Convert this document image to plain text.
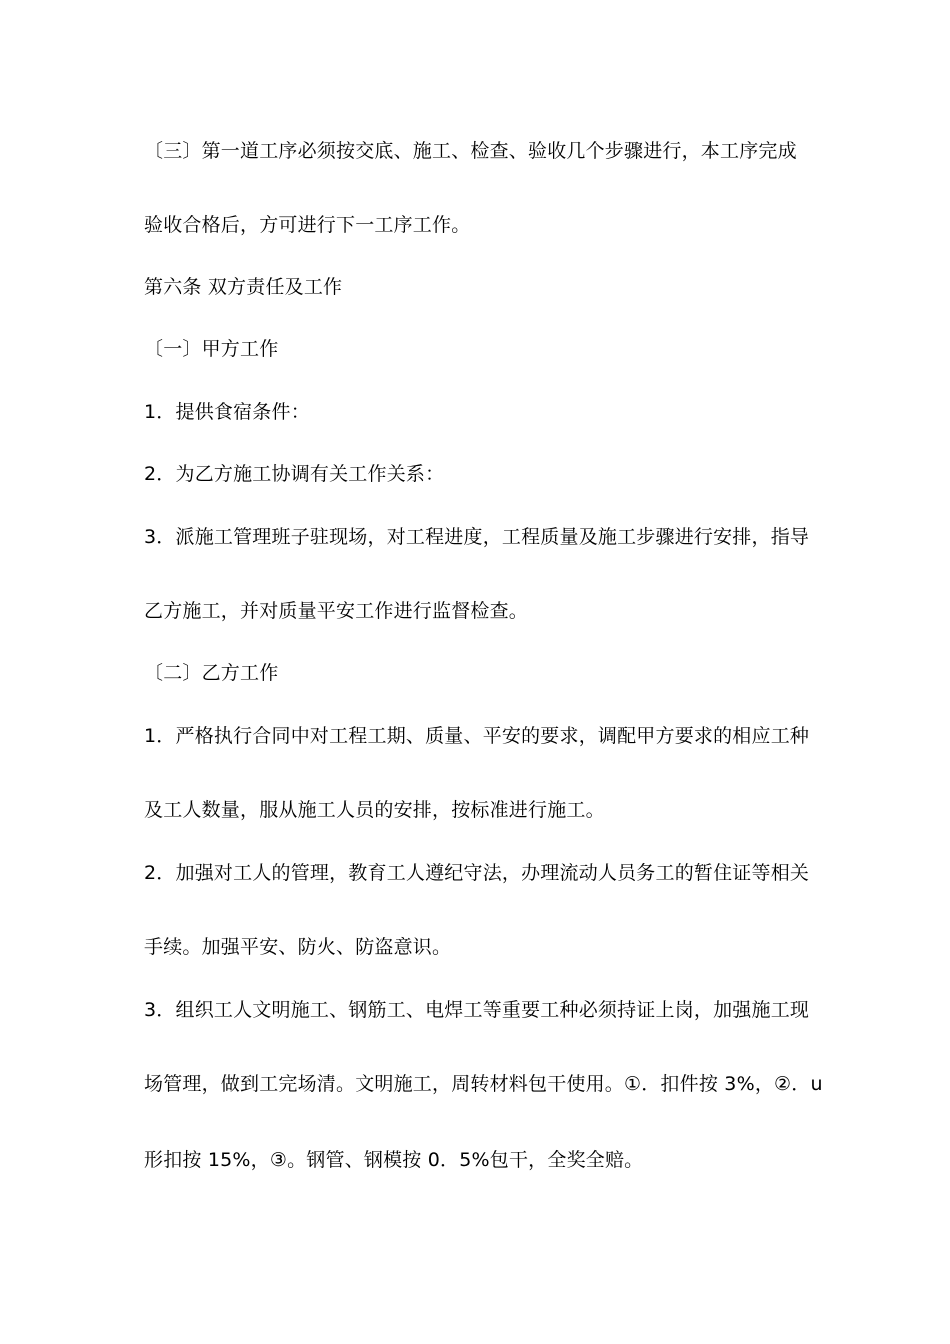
〔三〕第一道工序必须按交底、施工、检查、验收几个步骤进行，本工序完成
验收合格后，方可进行下一工序工作。
第六条 双方责任及工作
〔一〕甲方工作
1．提供食宿条件：
2．为乙方施工协调有关工作关系：
3．派施工管理班子驻现场，对工程进度，工程质量及施工步骤进行安排，指导
乙方施工，并对质量平安工作进行监督检查。
〔二〕乙方工作
1．严格执行合同中对工程工期、质量、平安的要求，调配甲方要求的相应工种
及工人数量，服从施工人员的安排，按标准进行施工。
2．加强对工人的管理，教育工人遵纪守法，办理流动人员务工的暂住证等相关
手续。加强平安、防火、防盗意识。
3．组织工人文明施工、钢筋工、电焊工等重要工种必须持证上岗，加强施工现
场管理，做到工完场清。文明施工，周转材料包干使用。①．扣件按 3%，②．u
形扣按 15%，③。钢管、钢模按 0．5%包干，全奖全赔。
